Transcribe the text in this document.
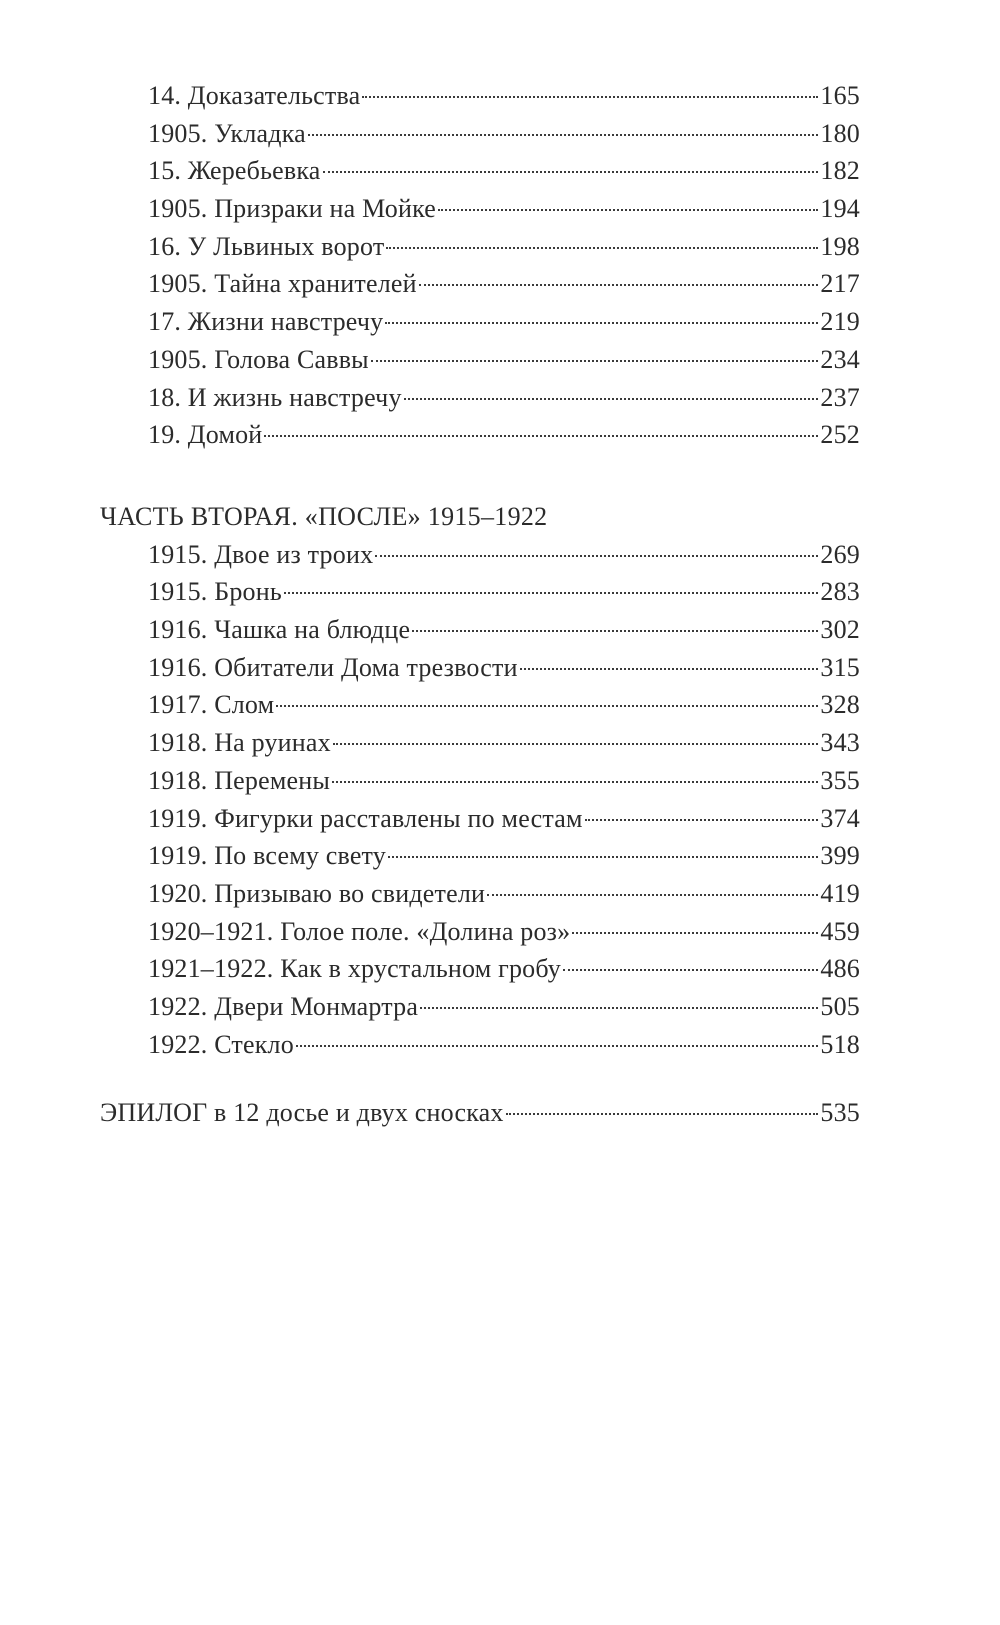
14. Доказательства	165
1905. Укладка	180
15. Жеребьевка	182
1905. Призраки на Мойке	194
16. У Львиных ворот	198
1905. Тайна хранителей	217
17. Жизни навстречу	219
1905. Голова Саввы	234
18. И жизнь навстречу	237
19. Домой	252
ЧАСТЬ ВТОРАЯ. «ПОСЛЕ» 1915–1922
1915. Двое из троих	269
1915. Бронь	283
1916. Чашка на блюдце	302
1916. Обитатели Дома трезвости	315
1917. Слом	328
1918. На руинах	343
1918. Перемены	355
1919. Фигурки расставлены по местам	374
1919. По всему свету	399
1920. Призываю во свидетели	419
1920–1921. Голое поле. «Долина роз»	459
1921–1922. Как в хрустальном гробу	486
1922. Двери Монмартра	505
1922. Стекло	518
ЭПИЛОГ в 12 досье и двух сносках	535
